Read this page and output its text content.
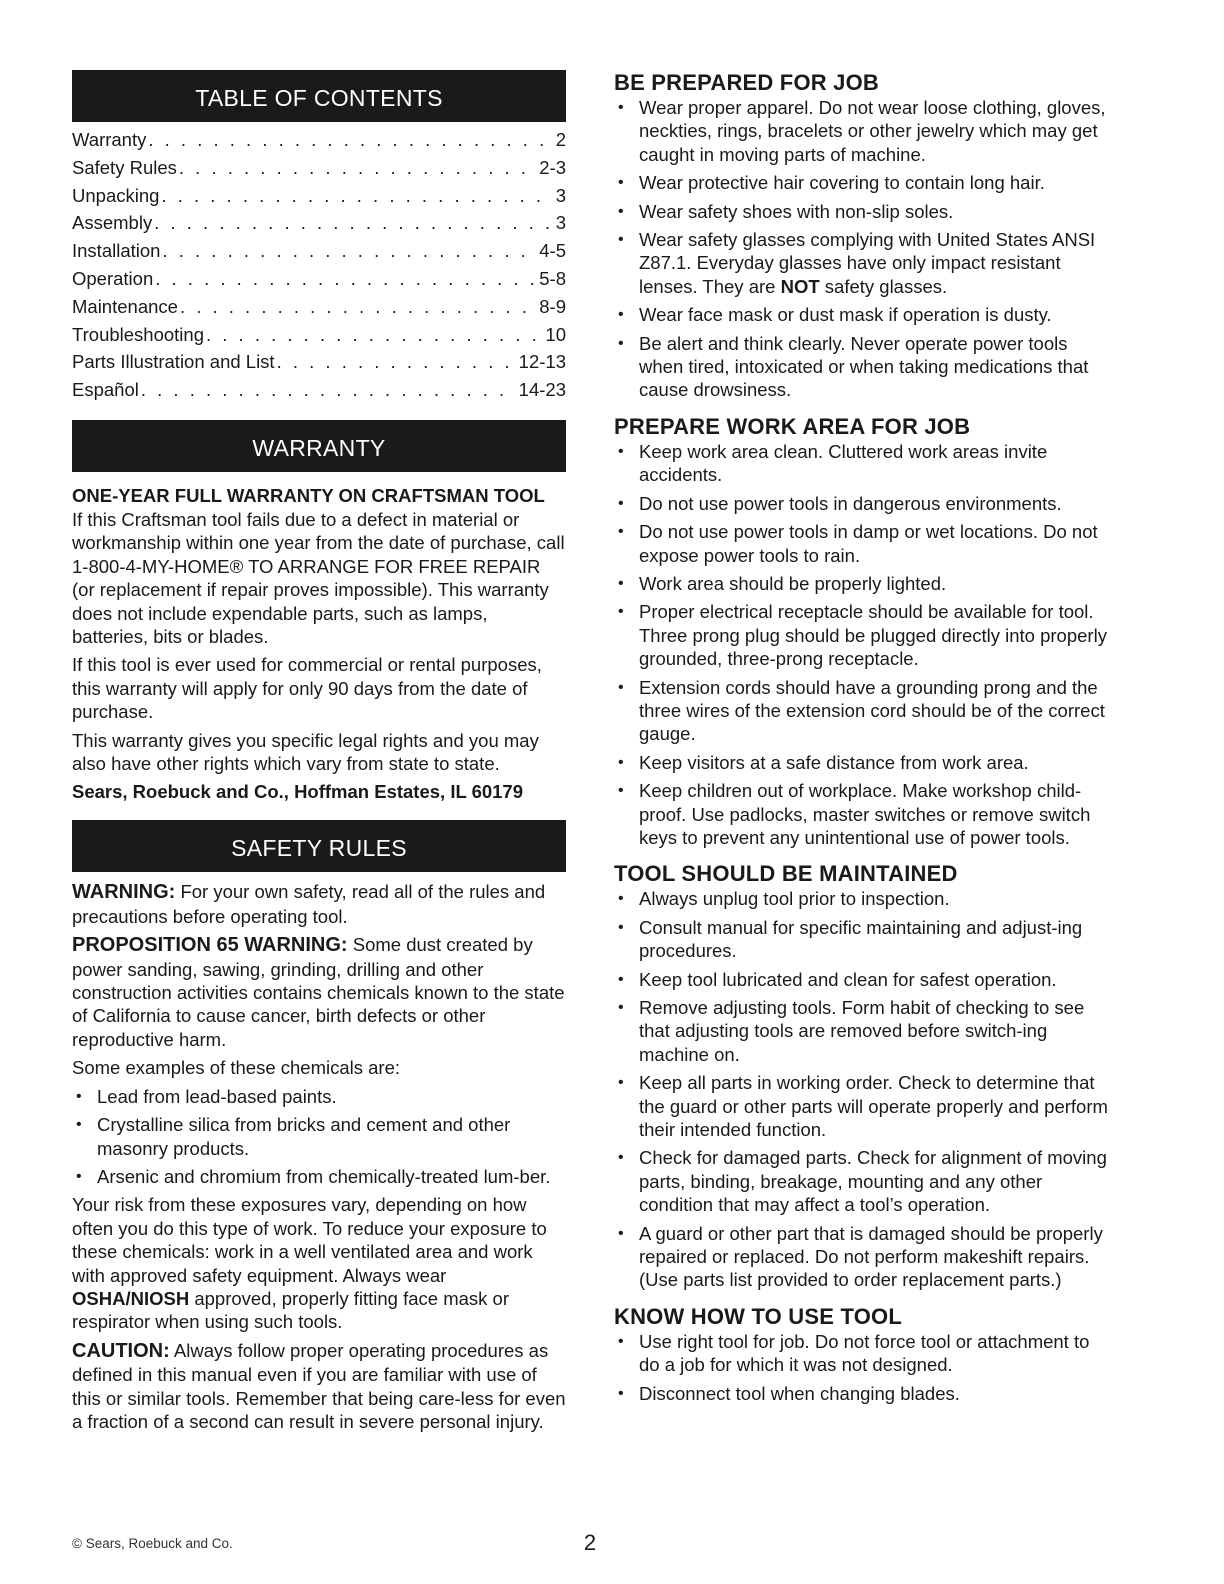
TABLE OF CONTENTS
Warranty . . .	2
Safety Rules . . .	2-3
Unpacking . . .	3
Assembly . . .	3
Installation . . .	4-5
Operation . . .	5-8
Maintenance . . .	8-9
Troubleshooting . . .	10
Parts Illustration and List . . .	12-13
Español . . .	14-23
WARRANTY
ONE-YEAR FULL WARRANTY ON CRAFTSMAN TOOL

If this Craftsman tool fails due to a defect in material or workmanship within one year from the date of purchase, call 1-800-4-MY-HOME® TO ARRANGE FOR FREE REPAIR (or replacement if repair proves impossible). This warranty does not include expendable parts, such as lamps, batteries, bits or blades.

If this tool is ever used for commercial or rental purposes, this warranty will apply for only 90 days from the date of purchase.

This warranty gives you specific legal rights and you may also have other rights which vary from state to state.

Sears, Roebuck and Co., Hoffman Estates, IL 60179

SAFETY RULES

WARNING: For your own safety, read all of the rules and precautions before operating tool.

PROPOSITION 65 WARNING: Some dust created by power sanding, sawing, grinding, drilling and other construction activities contains chemicals known to the state of California to cause cancer, birth defects or other reproductive harm.

Some examples of these chemicals are:

• Lead from lead-based paints.
• Crystalline silica from bricks and cement and other masonry products.
• Arsenic and chromium from chemically-treated lum-ber.

Your risk from these exposures vary, depending on how often you do this type of work. To reduce your exposure to these chemicals: work in a well ventilated area and work with approved safety equipment. Always wear OSHA/NIOSH approved, properly fitting face mask or respirator when using such tools.

CAUTION: Always follow proper operating procedures as defined in this manual even if you are familiar with use of this or similar tools. Remember that being care-less for even a fraction of a second can result in severe personal injury.

BE PREPARED FOR JOB
• Wear proper apparel. Do not wear loose clothing, gloves, neckties, rings, bracelets or other jewelry which may get caught in moving parts of machine.
• Wear protective hair covering to contain long hair.
• Wear safety shoes with non-slip soles.
• Wear safety glasses complying with United States ANSI Z87.1. Everyday glasses have only impact resistant lenses. They are NOT safety glasses.
• Wear face mask or dust mask if operation is dusty.
• Be alert and think clearly. Never operate power tools when tired, intoxicated or when taking medications that cause drowsiness.
PREPARE WORK AREA FOR JOB
• Keep work area clean. Cluttered work areas invite accidents.
• Do not use power tools in dangerous environments.
• Do not use power tools in damp or wet locations. Do not expose power tools to rain.
• Work area should be properly lighted.
• Proper electrical receptacle should be available for tool. Three prong plug should be plugged directly into properly grounded, three-prong receptacle.
• Extension cords should have a grounding prong and the three wires of the extension cord should be of the correct gauge.
• Keep visitors at a safe distance from work area.
• Keep children out of workplace. Make workshop child-proof. Use padlocks, master switches or remove switch keys to prevent any unintentional use of power tools.
TOOL SHOULD BE MAINTAINED
• Always unplug tool prior to inspection.
• Consult manual for specific maintaining and adjust-ing procedures.
• Keep tool lubricated and clean for safest operation.
• Remove adjusting tools. Form habit of checking to see that adjusting tools are removed before switch-ing machine on.
• Keep all parts in working order. Check to determine that the guard or other parts will operate properly and perform their intended function.
• Check for damaged parts. Check for alignment of moving parts, binding, breakage, mounting and any other condition that may affect a tool’s operation.
• A guard or other part that is damaged should be properly repaired or replaced. Do not perform makeshift repairs. (Use parts list provided to order replacement parts.)
KNOW HOW TO USE TOOL
• Use right tool for job. Do not force tool or attachment to do a job for which it was not designed.
• Disconnect tool when changing blades.
© Sears, Roebuck and Co.	2
